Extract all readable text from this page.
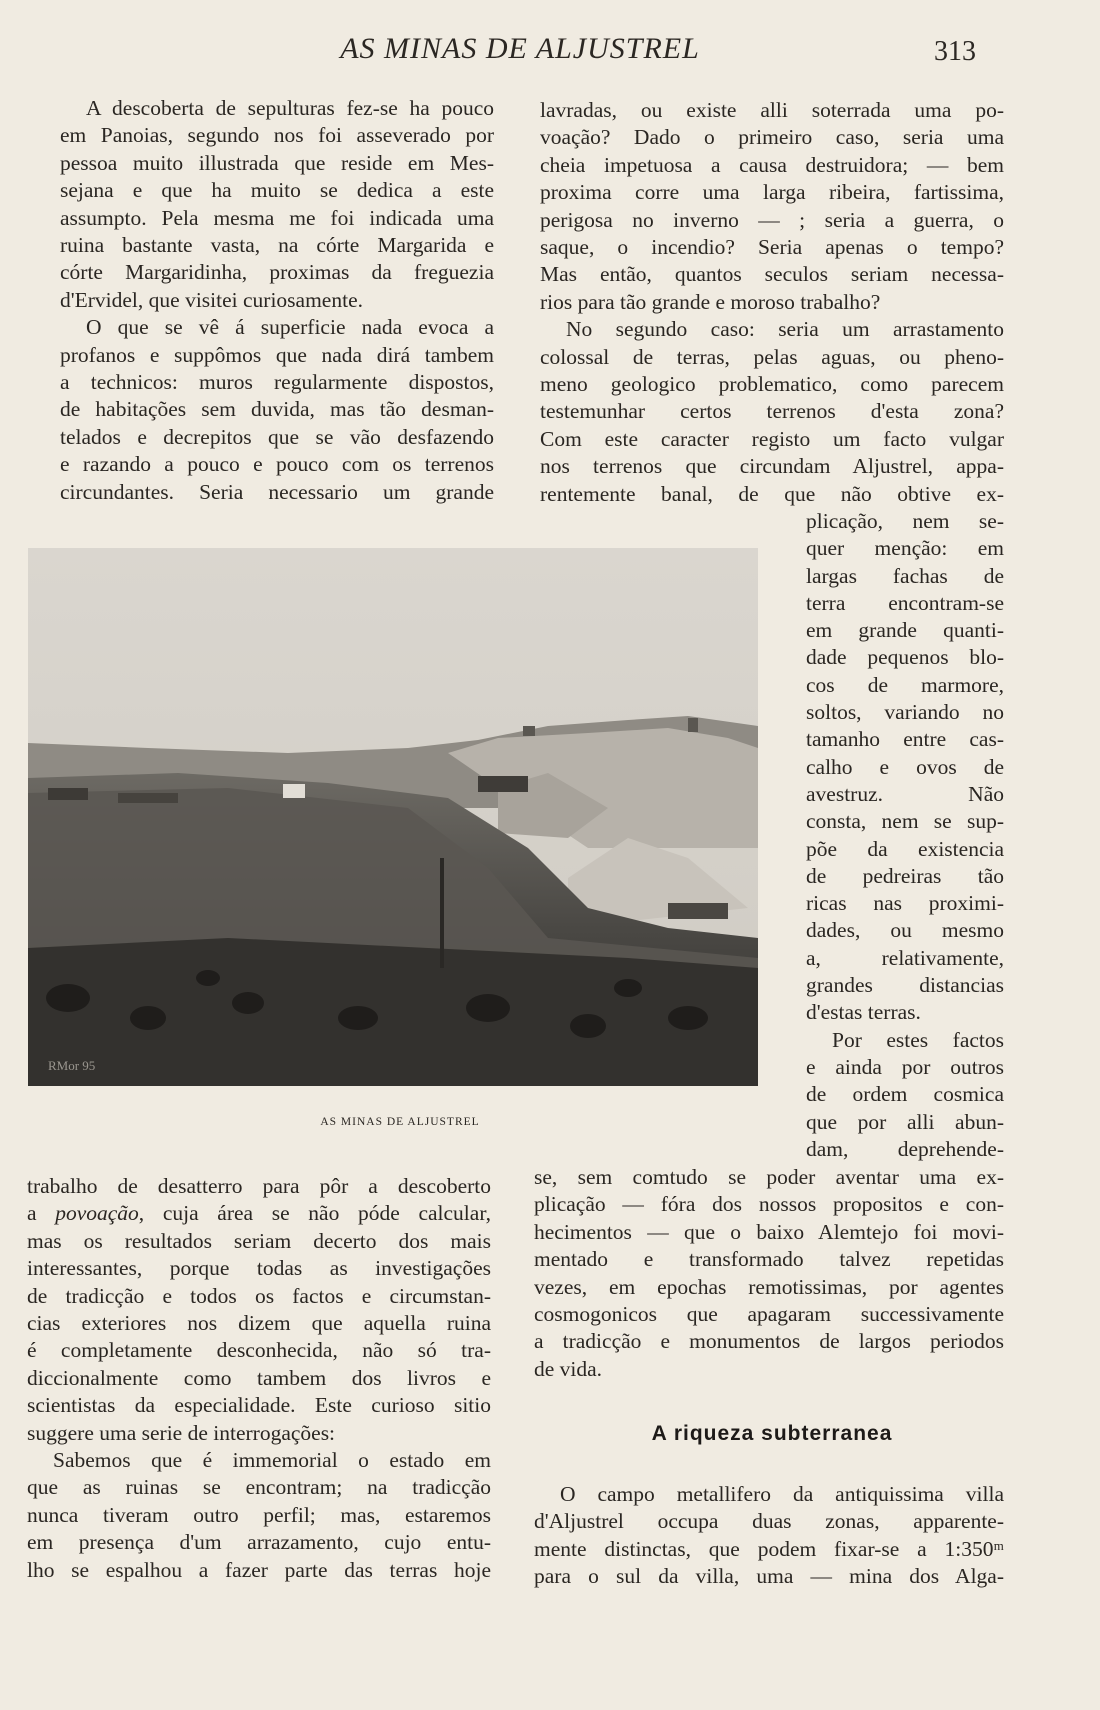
AS MINAS DE ALJUSTREL	313
A descoberta de sepulturas fez-se ha pouco
em Panoias, segundo nos foi asseverado por
pessoa muito illustrada que reside em Mes-
sejana e que ha muito se dedica a este
assumpto. Pela mesma me foi indicada uma
ruina bastante vasta, na córte Margarida e
córte Margaridinha, proximas da freguezia
d'Ervidel, que visitei curiosamente.
O que se vê á superficie nada evoca a
profanos e suppômos que nada dirá tambem
a technicos: muros regularmente dispostos,
de habitações sem duvida, mas tão desman-
telados e decrepitos que se vão desfazendo
e razando a pouco e pouco com os terrenos
circundantes. Seria necessario um grande
lavradas, ou existe alli soterrada uma po-
voação? Dado o primeiro caso, seria uma
cheia impetuosa a causa destruidora; — bem
proxima corre uma larga ribeira, fartissima,
perigosa no inverno — ; seria a guerra, o
saque, o incendio? Seria apenas o tempo?
Mas então, quantos seculos seriam necessa-
rios para tão grande e moroso trabalho?
No segundo caso: seria um arrastamento
colossal de terras, pelas aguas, ou pheno-
meno geologico problematico, como parecem
testemunhar certos terrenos d'esta zona?
Com este caracter registo um facto vulgar
nos terrenos que circundam Aljustrel, appa-
rentemente banal, de que não obtive ex-
plicação, nem se-
quer menção: em
largas fachas de
terra encontram-se
em grande quanti-
dade pequenos blo-
cos de marmore,
soltos, variando no
tamanho entre cas-
calho e ovos de
avestruz. Não
consta, nem se sup-
põe da existencia
de pedreiras tão
ricas nas proximi-
dades, ou mesmo
a, relativamente,
grandes distancias
d'estas terras.
Por estes factos
e ainda por outros
de ordem cosmica
que por alli abun-
dam, deprehende-
se, sem comtudo se poder aventar uma ex-
plicação — fóra dos nossos propositos e con-
hecimentos — que o baixo Alemtejo foi movi-
mentado e transformado talvez repetidas
vezes, em epochas remotissimas, por agentes
cosmogonicos que apagaram successivamente
a tradicção e monumentos de largos periodos
de vida.
RMor 95
AS MINAS DE ALJUSTREL
trabalho de desatterro para pôr a descoberto
a povoação, cuja área se não póde calcular,
mas os resultados seriam decerto dos mais
interessantes, porque todas as investigações
de tradicção e todos os factos e circumstan-
cias exteriores nos dizem que aquella ruina
é completamente desconhecida, não só tra-
diccionalmente como tambem dos livros e
scientistas da especialidade. Este curioso sitio
suggere uma serie de interrogações:
Sabemos que é immemorial o estado em
que as ruinas se encontram; na tradicção
nunca tiveram outro perfil; mas, estaremos
em presença d'um arrazamento, cujo entu-
lho se espalhou a fazer parte das terras hoje
A riqueza subterranea
O campo metallifero da antiquissima villa
d'Aljustrel occupa duas zonas, apparente-
mente distinctas, que podem fixar-se a 1:350ᵐ
para o sul da villa, uma — mina dos Alga-
